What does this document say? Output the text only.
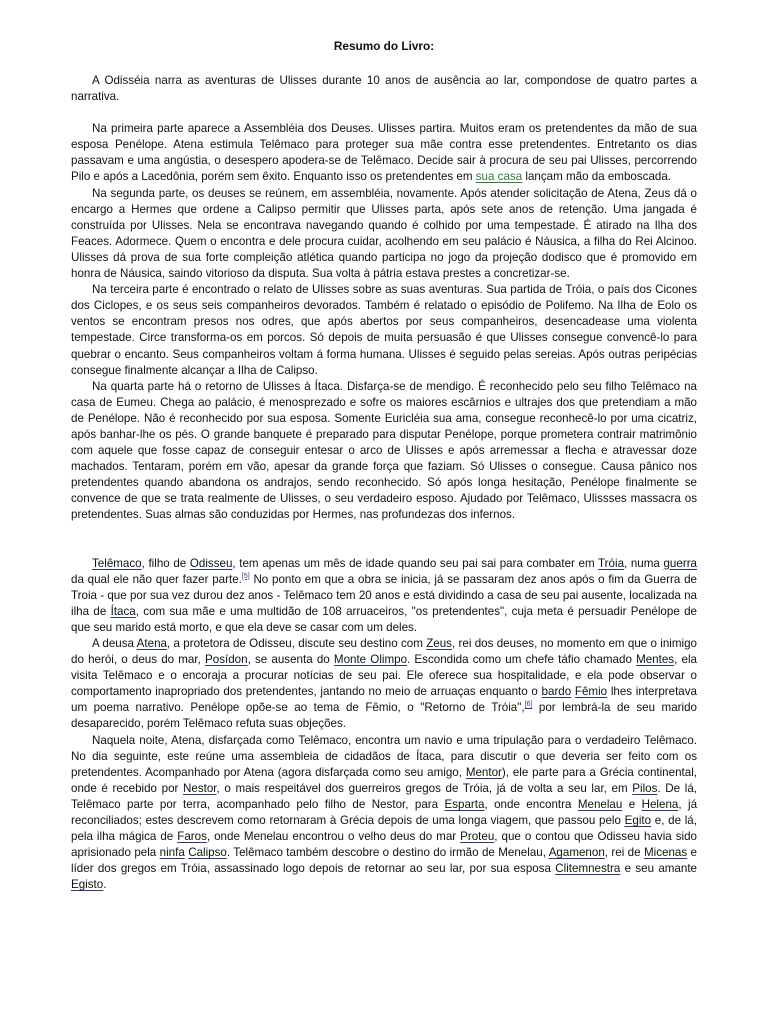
Resumo do Livro:

A Odisséia narra as aventuras de Ulisses durante 10 anos de ausência ao lar, compondose de quatro partes a narrativa.

Na primeira parte aparece a Assembléia dos Deuses. Ulisses partira. Muitos eram os pretendentes da mão de sua esposa Penélope. Atena estimula Telêmaco para proteger sua mãe contra esse pretendentes. Entretanto os dias passavam e uma angústia, o desespero apodera-se de Telêmaco. Decide sair à procura de seu pai Ulisses, percorrendo Pilo e após a Lacedônia, porém sem êxito. Enquanto isso os pretendentes em sua casa lançam mão da emboscada.

Na segunda parte, os deuses se reúnem, em assembléia, novamente. Após atender solicitação de Atena, Zeus dá o encargo a Hermes que ordene a Calipso permitir que Ulisses parta, após sete anos de retenção. Uma jangada é construída por Ulisses. Nela se encontrava navegando quando é colhido por uma tempestade. É atirado na Ilha dos Feaces. Adormece. Quem o encontra e dele procura cuidar, acolhendo em seu palácio é Náusica, a filha do Rei Alcinoo. Ulisses dá prova de sua forte compleição atlética quando participa no jogo da projeção dodisco que é promovido em honra de Náusica, saindo vitorioso da disputa. Sua volta à pátria estava prestes a concretizar-se.

Na terceira parte é encontrado o relato de Ulisses sobre as suas aventuras. Sua partida de Tróia, o país dos Cicones dos Ciclopes, e os seus seis companheiros devorados. Também é relatado o episódio de Polifemo. Na Ilha de Eolo os ventos se encontram presos nos odres, que após abertos por seus companheiros, desencadease uma violenta tempestade. Circe transforma-os em porcos. Só depois de muita persuasão é que Ulisses consegue convencê-lo para quebrar o encanto. Seus companheiros voltam á forma humana. Ulisses é seguido pelas sereias. Após outras peripécias consegue finalmente alcançar a Ilha de Calipso.

Na quarta parte há o retorno de Ulisses à Ítaca. Disfarça-se de mendigo. É reconhecido pelo seu filho Telêmaco na casa de Eumeu. Chega ao palácio, é menosprezado e sofre os maiores escârnios e ultrajes dos que pretendiam a mão de Penélope. Não é reconhecido por sua esposa. Somente Euricléia sua ama, consegue reconhecê-lo por uma cicatriz, após banhar-lhe os pés. O grande banquete é preparado para disputar Penélope, porque prometera contrair matrimônio com aquele que fosse capaz de conseguir entesar o arco de Ulisses e após arremessar a flecha e atravessar doze machados. Tentaram, porém em vão, apesar da grande força que faziam. Só Ulisses o consegue. Causa pânico nos pretendentes quando abandona os andrajos, sendo reconhecido. Só após longa hesitação, Penélope finalmente se convence de que se trata realmente de Ulisses, o seu verdadeiro esposo. Ajudado por Telêmaco, Ulissses massacra os pretendentes. Suas almas são conduzidas por Hermes, nas profundezas dos infernos.

Telêmaco, filho de Odisseu, tem apenas um mês de idade quando seu pai sai para combater em Tróia, numa guerra da qual ele não quer fazer parte.[5] No ponto em que a obra se inicia, já se passaram dez anos após o fim da Guerra de Troia - que por sua vez durou dez anos - Telêmaco tem 20 anos e está dividindo a casa de seu pai ausente, localizada na ilha de Ítaca, com sua mãe e uma multidão de 108 arruaceiros, "os pretendentes", cuja meta é persuadir Penélope de que seu marido está morto, e que ela deve se casar com um deles.

A deusa Atena, a protetora de Odisseu, discute seu destino com Zeus, rei dos deuses, no momento em que o inimigo do herói, o deus do mar, Posídon, se ausenta do Monte Olimpo. Escondida como um chefe táfio chamado Mentes, ela visita Telêmaco e o encoraja a procurar notícias de seu pai. Ele oferece sua hospitalidade, e ela pode observar o comportamento inapropriado dos pretendentes, jantando no meio de arruaças enquanto o bardo Fêmio lhes interpretava um poema narrativo. Penélope opõe-se ao tema de Fêmio, o "Retorno de Tróia",[6] por lembrá-la de seu marido desaparecido, porém Telêmaco refuta suas objeções.

Naquela noite, Atena, disfarçada como Telêmaco, encontra um navio e uma tripulação para o verdadeiro Telêmaco. No dia seguinte, este reúne uma assembleia de cidadãos de Ítaca, para discutir o que deveria ser feito com os pretendentes. Acompanhado por Atena (agora disfarçada como seu amigo, Mentor), ele parte para a Grécia continental, onde é recebido por Nestor, o mais respeitável dos guerreiros gregos de Tróia, já de volta a seu lar, em Pilos. De lá, Telêmaco parte por terra, acompanhado pelo filho de Nestor, para Esparta, onde encontra Menelau e Helena, já reconciliados; estes descrevem como retornaram à Grécia depois de uma longa viagem, que passou pelo Egito e, de lá, pela ilha mágica de Faros, onde Menelau encontrou o velho deus do mar Proteu, que o contou que Odisseu havia sido aprisionado pela ninfa Calipso. Telêmaco também descobre o destino do irmão de Menelau, Agamenon, rei de Micenas e líder dos gregos em Tróia, assassinado logo depois de retornar ao seu lar, por sua esposa Clitemnestra e seu amante Egisto.
